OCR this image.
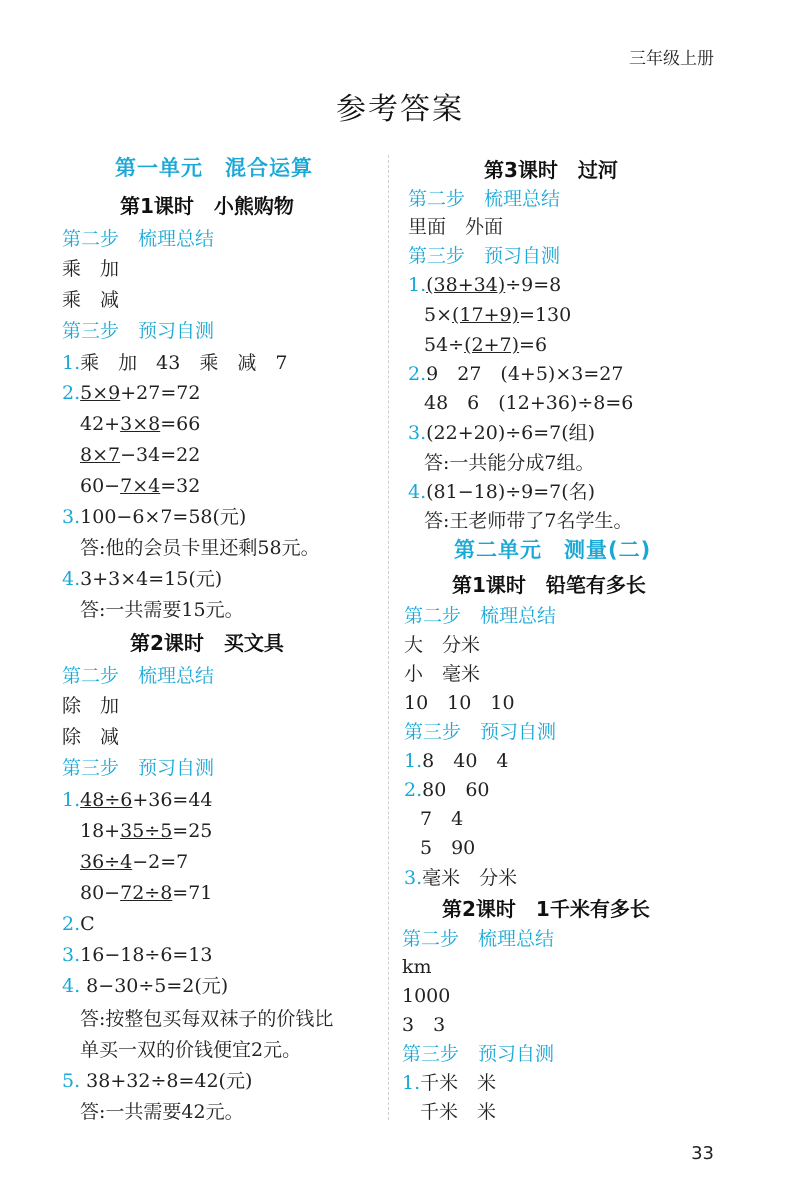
三年级上册
参考答案
第一单元　混合运算
第1课时　小熊购物
第二步　梳理总结
乘　加
乘　减
第三步　预习自测
1.乘　加　43　乘　减　7
2.5×9+27=72
42+3×8=66
8×7−34=22
60−7×4=32
3.100−6×7=58(元)
答:他的会员卡里还剩58元。
4.3+3×4=15(元)
答:一共需要15元。
第2课时　买文具
第二步　梳理总结
除　加
除　减
第三步　预习自测
1.48÷6+36=44
18+35÷5=25
36÷4−2=7
80−72÷8=71
2.C
3.16−18÷6=13
4. 8−30÷5=2(元)
答:按整包买每双袜子的价钱比
单买一双的价钱便宜2元。
5. 38+32÷8=42(元)
答:一共需要42元。
第3课时　过河
第二步　梳理总结
里面　外面
第三步　预习自测
1.(38+34)÷9=8
5×(17+9)=130
54÷(2+7)=6
2.9　27　(4+5)×3=27
48　6　(12+36)÷8=6
3.(22+20)÷6=7(组)
答:一共能分成7组。
4.(81−18)÷9=7(名)
答:王老师带了7名学生。
第二单元　测量(二)
第1课时　铅笔有多长
第二步　梳理总结
大　分米
小　毫米
10　10　10
第三步　预习自测
1.8　40　4
2.80　60
7　4
5　90
3.毫米　分米
第2课时　1千米有多长
第二步　梳理总结
km
1000
3　3
第三步　预习自测
1.千米　米
千米　米
33
